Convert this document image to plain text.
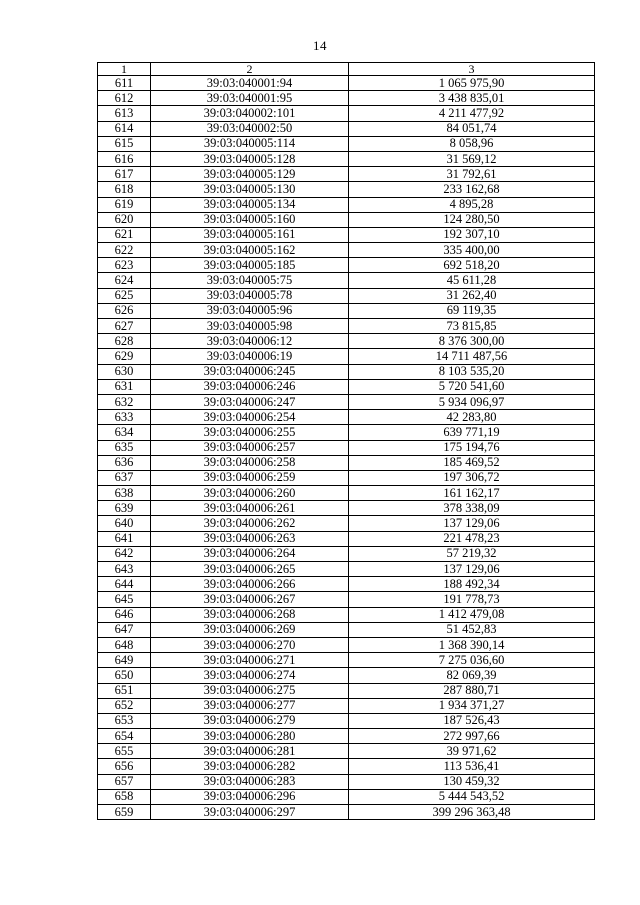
14
1	2	3
611	39:03:040001:94	1 065 975,90
612	39:03:040001:95	3 438 835,01
613	39:03:040002:101	4 211 477,92
614	39:03:040002:50	84 051,74
615	39:03:040005:114	8 058,96
616	39:03:040005:128	31 569,12
617	39:03:040005:129	31 792,61
618	39:03:040005:130	233 162,68
619	39:03:040005:134	4 895,28
620	39:03:040005:160	124 280,50
621	39:03:040005:161	192 307,10
622	39:03:040005:162	335 400,00
623	39:03:040005:185	692 518,20
624	39:03:040005:75	45 611,28
625	39:03:040005:78	31 262,40
626	39:03:040005:96	69 119,35
627	39:03:040005:98	73 815,85
628	39:03:040006:12	8 376 300,00
629	39:03:040006:19	14 711 487,56
630	39:03:040006:245	8 103 535,20
631	39:03:040006:246	5 720 541,60
632	39:03:040006:247	5 934 096,97
633	39:03:040006:254	42 283,80
634	39:03:040006:255	639 771,19
635	39:03:040006:257	175 194,76
636	39:03:040006:258	185 469,52
637	39:03:040006:259	197 306,72
638	39:03:040006:260	161 162,17
639	39:03:040006:261	378 338,09
640	39:03:040006:262	137 129,06
641	39:03:040006:263	221 478,23
642	39:03:040006:264	57 219,32
643	39:03:040006:265	137 129,06
644	39:03:040006:266	188 492,34
645	39:03:040006:267	191 778,73
646	39:03:040006:268	1 412 479,08
647	39:03:040006:269	51 452,83
648	39:03:040006:270	1 368 390,14
649	39:03:040006:271	7 275 036,60
650	39:03:040006:274	82 069,39
651	39:03:040006:275	287 880,71
652	39:03:040006:277	1 934 371,27
653	39:03:040006:279	187 526,43
654	39:03:040006:280	272 997,66
655	39:03:040006:281	39 971,62
656	39:03:040006:282	113 536,41
657	39:03:040006:283	130 459,32
658	39:03:040006:296	5 444 543,52
659	39:03:040006:297	399 296 363,48
